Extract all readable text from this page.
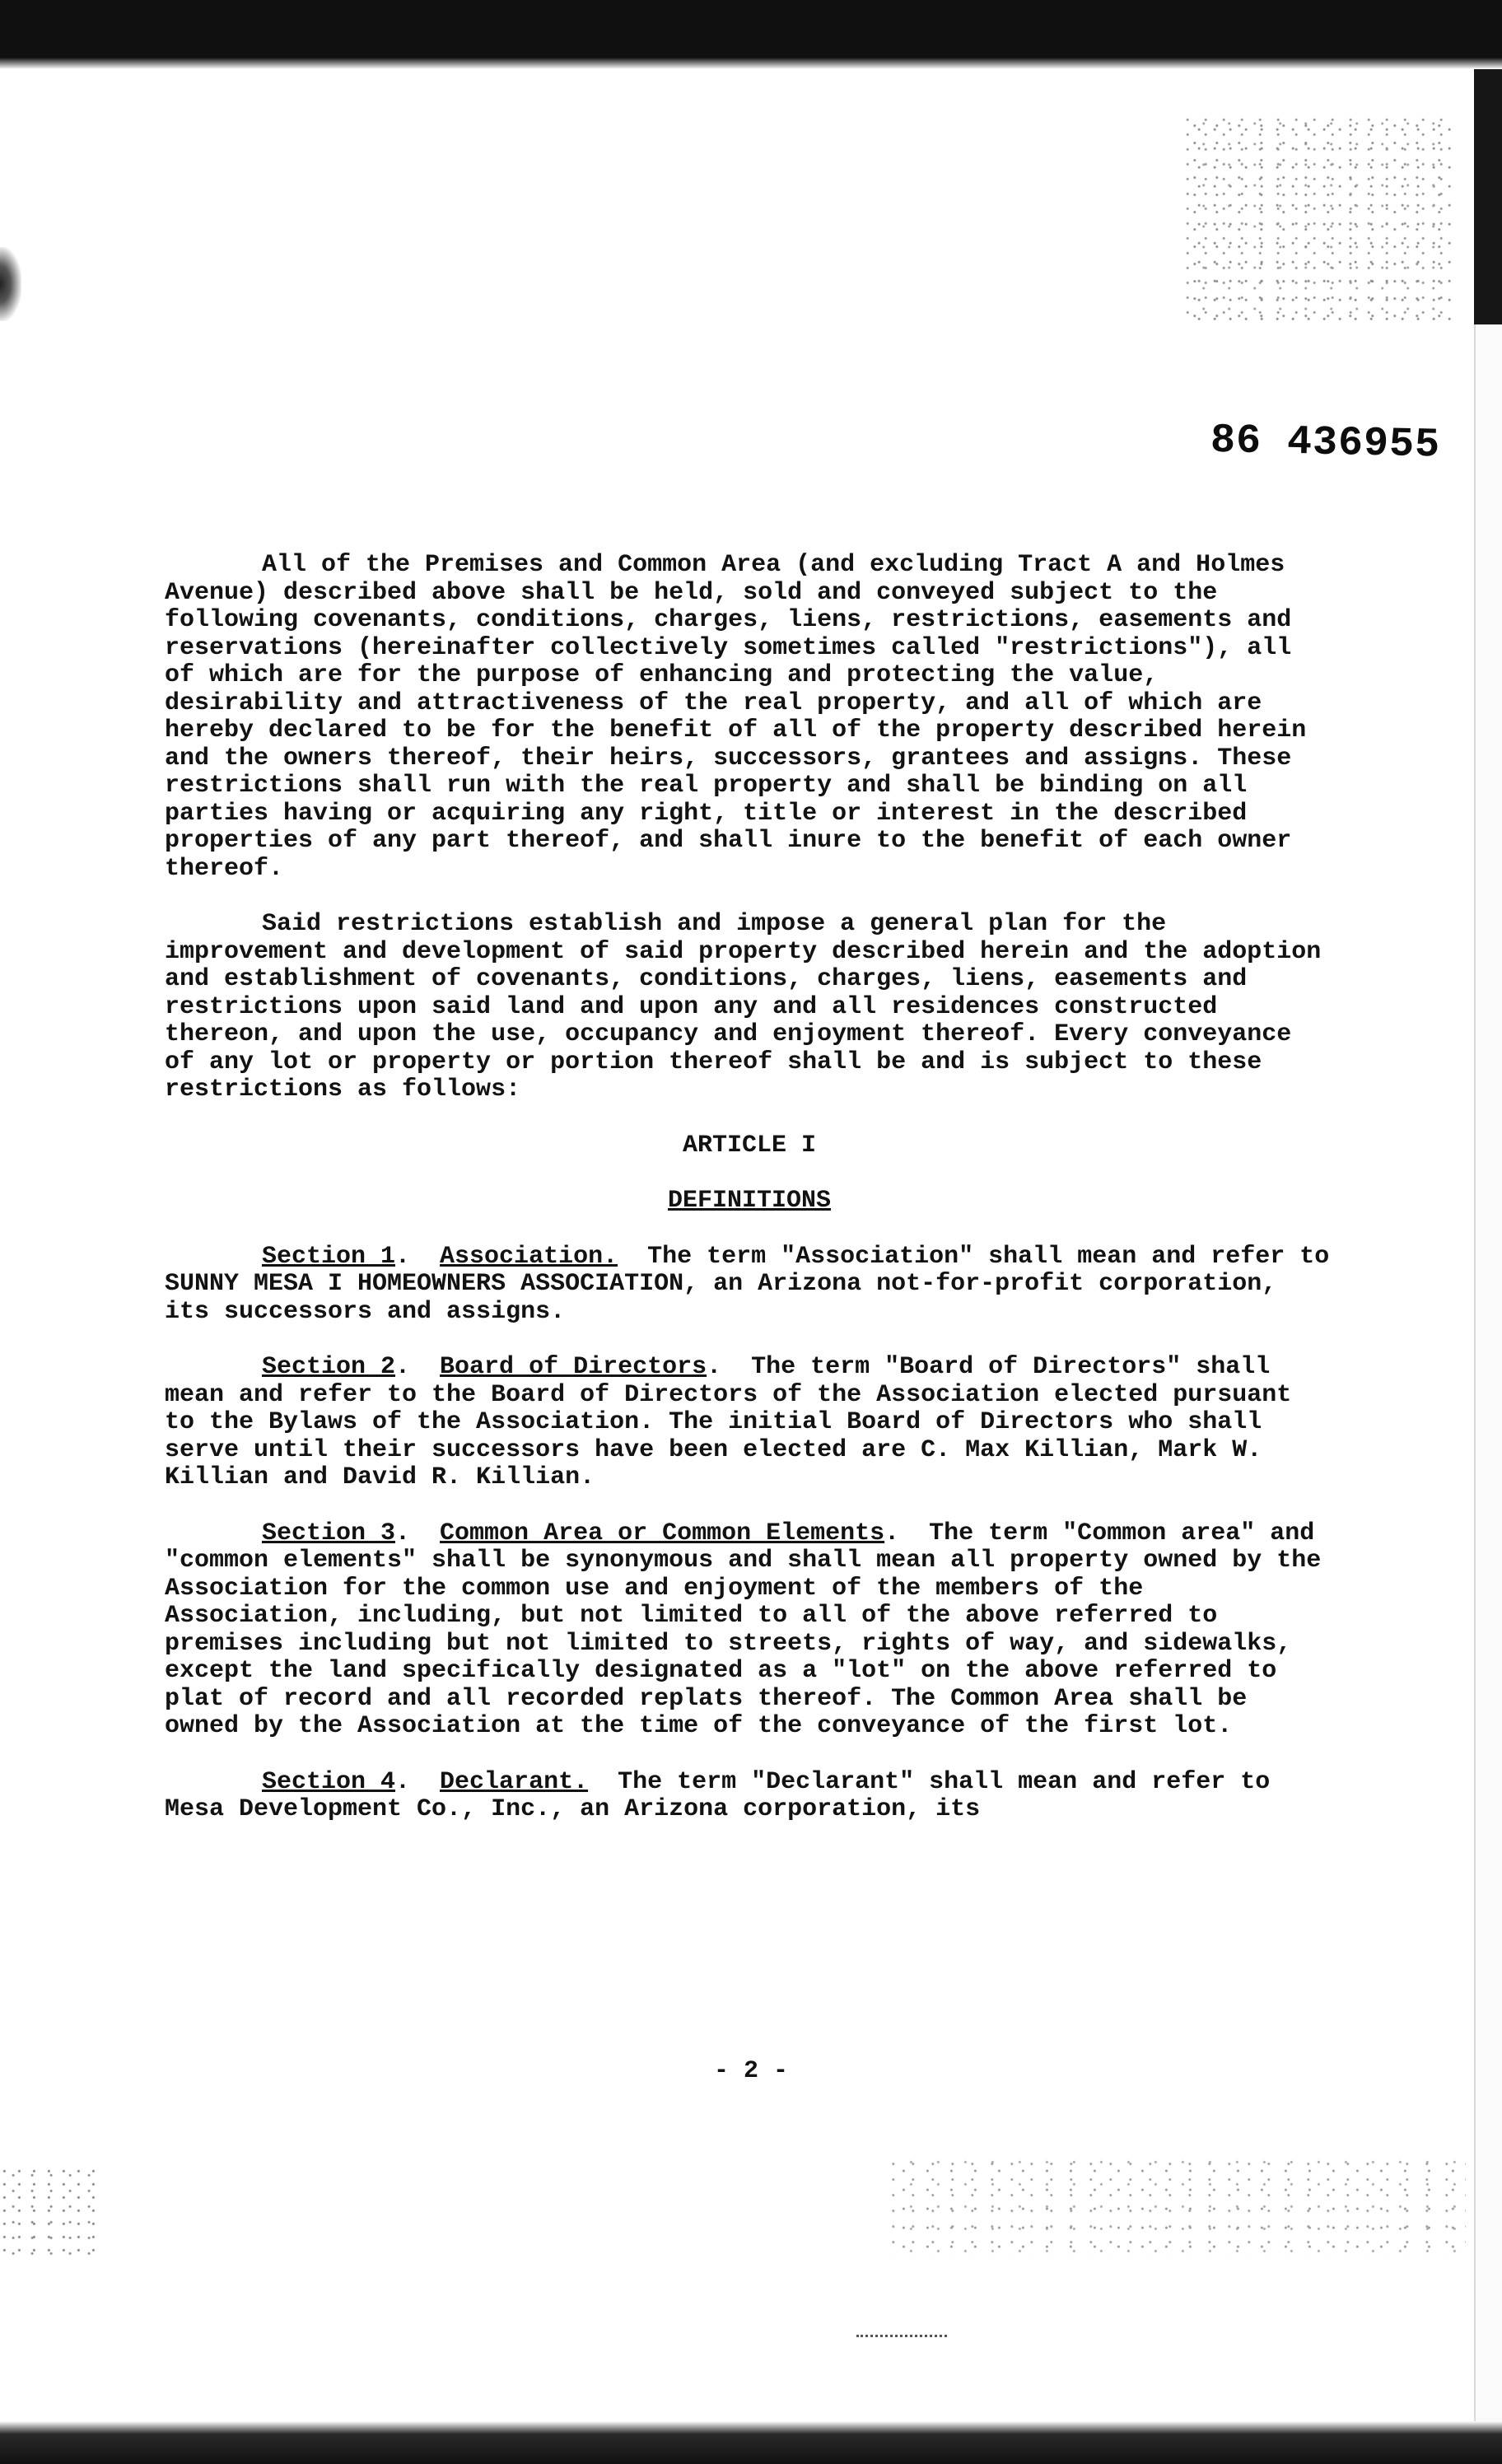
86 436955

All of the Premises and Common Area (and excluding Tract A and Holmes Avenue) described above shall be held, sold and conveyed subject to the following covenants, conditions, charges, liens, restrictions, easements and reservations (hereinafter collectively sometimes called "restrictions"), all of which are for the purpose of enhancing and protecting the value, desirability and attractiveness of the real property, and all of which are hereby declared to be for the benefit of all of the property described herein and the owners thereof, their heirs, successors, grantees and assigns. These restrictions shall run with the real property and shall be binding on all parties having or acquiring any right, title or interest in the described properties of any part thereof, and shall inure to the benefit of each owner thereof.

Said restrictions establish and impose a general plan for the improvement and development of said property described herein and the adoption and establishment of covenants, conditions, charges, liens, easements and restrictions upon said land and upon any and all residences constructed thereon, and upon the use, occupancy and enjoyment thereof. Every conveyance of any lot or property or portion thereof shall be and is subject to these restrictions as follows:

ARTICLE I

DEFINITIONS

Section 1.  Association. The term "Association" shall mean and refer to SUNNY MESA I HOMEOWNERS ASSOCIATION, an Arizona not-for-profit corporation, its successors and assigns.

Section 2.  Board of Directors.  The term "Board of Directors" shall mean and refer to the Board of Directors of the Association elected pursuant to the Bylaws of the Association. The initial Board of Directors who shall serve until their successors have been elected are C. Max Killian, Mark W. Killian and David R. Killian.

Section 3.  Common Area or Common Elements.  The term "Common area" and "common elements" shall be synonymous and shall mean all property owned by the Association for the common use and enjoyment of the members of the Association, including, but not limited to all of the above referred to premises including but not limited to streets, rights of way, and sidewalks, except the land specifically designated as a "lot" on the above referred to plat of record and all recorded replats thereof. The Common Area shall be owned by the Association at the time of the conveyance of the first lot.

Section 4.  Declarant. The term "Declarant" shall mean and refer to Mesa Development Co., Inc., an Arizona corporation, its

- 2 -
